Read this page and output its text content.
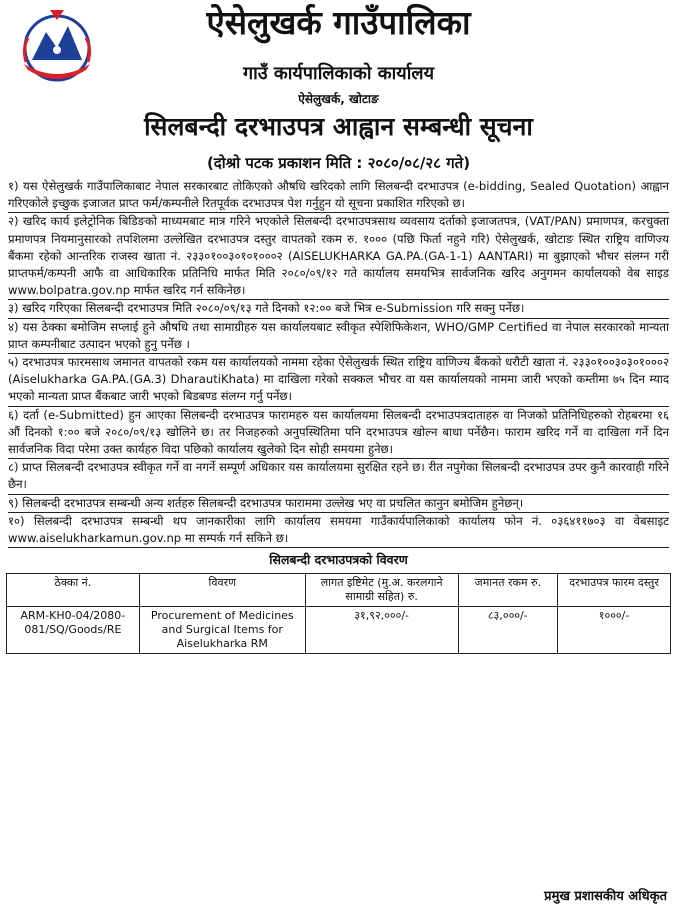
ऐसेलुखर्क गाउँपालिका
गाउँ कार्यपालिकाको कार्यालय
ऐसेलुखर्क, खोटाङ
सिलबन्दी दरभाउपत्र आह्वान सम्बन्धी सूचना
(दोश्रो पटक प्रकाशन मिति : २०८०/०८/२८ गते)

१) यस ऐसेलुखर्क गाउँपालिकाबाट नेपाल सरकारबाट तोकिएको औषधि खरिदको लागि सिलबन्दी दरभाउपत्र (e-bidding, Sealed Quotation) आह्वान गरिएकोले इच्छुक इजाजत प्राप्त फर्म/कम्पनीले रितपूर्वक दरभाउपत्र पेश गर्नुहुन यो सूचना प्रकाशित गरिएको छ।

२) खरिद कार्य इलेट्रोनिक बिडिङको माध्यमबाट मात्र गरिने भएकोले सिलबन्दी दरभाउपत्रसाथ व्यवसाय दर्ताको इजाजतपत्र, (VAT/PAN) प्रमाणपत्र, करचुक्ता प्रमाणपत्र नियमानुसारको तपशिलमा उल्लेखित दरभाउपत्र दस्तुर वापतको रकम रु. १००० (पछि फिर्ता नहुने गरि) ऐसेलुखर्क, खोटाङ स्थित राष्ट्रिय वाणिज्य बैंकमा रहेको आन्तरिक राजस्व खाता नं. २३३०१००३०१०१०००२ (AISELUKHARKA GA.PA.(GA-1-1) AANTARI) मा बुझाएको भौचर संलग्न गरी प्राप्तफर्म/कम्पनी आफै वा आधिकारिक प्रतिनिधि मार्फत मिति २०८०/०९/१२ गते कार्यालय समयभित्र सार्वजनिक खरिद अनुगमन कार्यालयको वेब साइड www.bolpatra.gov.np मार्फत खरिद गर्न सकिनेछ।

३) खरिद गरिएका सिलबन्दी दरभाउपत्र मिति २०८०/०९/१३ गते दिनको १२:०० बजे भित्र e-Submission गरि सक्नु पर्नेछ।

४) यस ठेक्का बमोजिम सप्लाई हुने औषधि तथा सामाग्रीहरु यस कार्यालयबाट स्वीकृत स्पेशिफिकेशन, WHO/GMP Certified वा नेपाल सरकारको मान्यता प्राप्त कम्पनीबाट उत्पादन भएको हुनु पर्नेछ ।

५) दरभाउपत्र फारमसाथ जमानत वापतको रकम यस कार्यालयको नाममा रहेका ऐसेलुखर्क स्थित राष्ट्रिय वाणिज्य बैंकको धरौटी खाता नं. २३३०१००३०३०१०००२ (Aiselukharka GA.PA.(GA.3) DharautiKhata) मा दाखिला गरेको सक्कल भौचर वा यस कार्यालयको नाममा जारी भएको कम्तीमा ७५ दिन म्याद भएको मान्यता प्राप्त बैंकबाट जारी भएको बिडबण्ड संलग्न गर्नु पर्नेछ।

६) दर्ता (e-Submitted) हुन आएका सिलबन्दी दरभाउपत्र फारामहरु यस कार्यालयमा सिलबन्दी दरभाउपत्रदाताहरु वा निजको प्रतिनिधिहरुको रोहबरमा १६ औं दिनको १:०० बजे २०८०/०९/१३ खोलिने छ। तर निजहरुको अनुपस्थितिमा पनि दरभाउपत्र खोल्न बाधा पर्नेछैन। फाराम खरिद गर्ने वा दाखिला गर्ने दिन सार्वजनिक विदा परेमा उक्त कार्यहरु विदा पछिको कार्यालय खुलेको दिन सोही समयमा हुनेछ।

८) प्राप्त सिलबन्दी दरभाउपत्र स्वीकृत गर्ने वा नगर्ने सम्पूर्ण अधिकार यस कार्यालयमा सुरक्षित रहने छ। रीत नपुगेका सिलबन्दी दरभाउपत्र उपर कुनै कारवाही गरिने छैन।

९) सिलबन्दी दरभाउपत्र सम्बन्धी अन्य शर्तहरु सिलबन्दी दरभाउपत्र फाराममा उल्लेख भए वा प्रचलित कानुन बमोजिम हुनेछन्।

१०) सिलबन्दी दरभाउपत्र सम्बन्धी थप जानकारीका लागि कार्यालय समयमा गाउँकार्यपालिकाको कार्यालय फोन नं. ०३६४११७०३ वा वेबसाइट www.aiselukharkamun.gov.np मा सम्पर्क गर्न सकिने छ।

सिलबन्दी दरभाउपत्रको विवरण
ठेक्का नं.	विवरण	लागत इष्टिमेट (मु.अ. करलगाने सामाग्री सहित) रु.	जमानत रकम रु.	दरभाउपत्र फारम दस्तुर
ARM-KH0-04/2080-081/SQ/Goods/RE	Procurement of Medicines and Surgical Items for Aiselukharka RM	३१,९२,०००/-	८३,०००/-	१०००/-
प्रमुख प्रशासकीय अधिकृत
